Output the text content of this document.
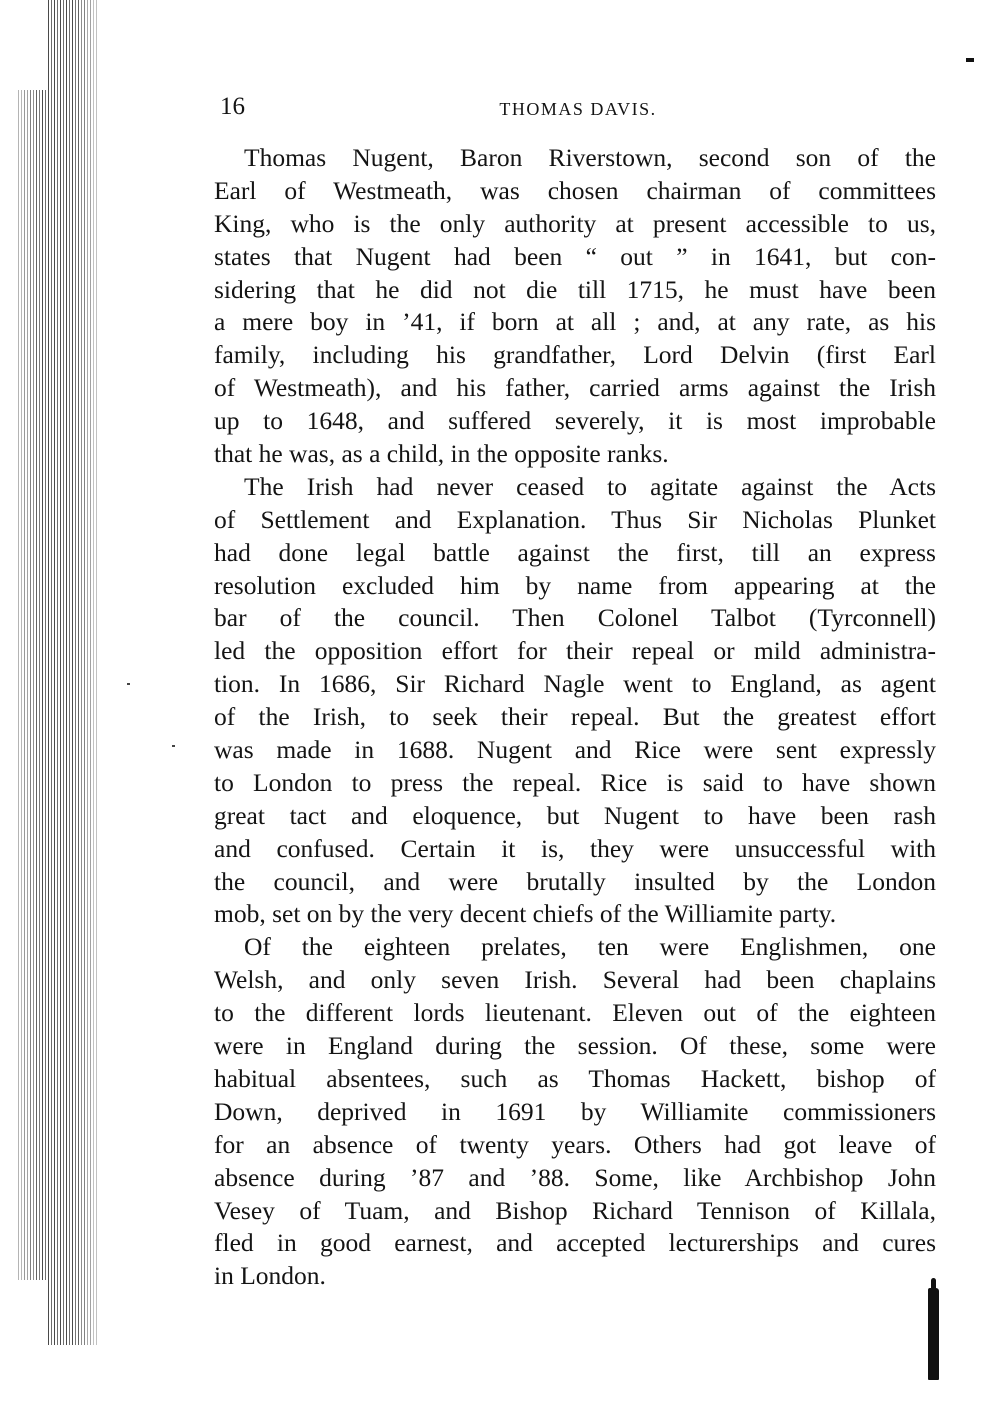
16	THOMAS DAVIS.

Thomas Nugent, Baron Riverstown, second son of the
Earl of Westmeath, was chosen chairman of committees
King, who is the only authority at present accessible to us,
states that Nugent had been “ out ” in 1641, but con-
sidering that he did not die till 1715, he must have been
a mere boy in ’41, if born at all ; and, at any rate, as his
family, including his grandfather, Lord Delvin (first Earl
of Westmeath), and his father, carried arms against the Irish
up to 1648, and suffered severely, it is most improbable
that he was, as a child, in the opposite ranks.

The Irish had never ceased to agitate against the Acts
of Settlement and Explanation. Thus Sir Nicholas Plunket
had done legal battle against the first, till an express
resolution excluded him by name from appearing at the
bar of the council. Then Colonel Talbot (Tyrconnell)
led the opposition effort for their repeal or mild administra-
tion. In 1686, Sir Richard Nagle went to England, as agent
of the Irish, to seek their repeal. But the greatest effort
was made in 1688. Nugent and Rice were sent expressly
to London to press the repeal. Rice is said to have shown
great tact and eloquence, but Nugent to have been rash
and confused. Certain it is, they were unsuccessful with
the council, and were brutally insulted by the London
mob, set on by the very decent chiefs of the Williamite party.

Of the eighteen prelates, ten were Englishmen, one
Welsh, and only seven Irish. Several had been chaplains
to the different lords lieutenant. Eleven out of the eighteen
were in England during the session. Of these, some were
habitual absentees, such as Thomas Hackett, bishop of
Down, deprived in 1691 by Williamite commissioners
for an absence of twenty years. Others had got leave of
absence during ’87 and ’88. Some, like Archbishop John
Vesey of Tuam, and Bishop Richard Tennison of Killala,
fled in good earnest, and accepted lecturerships and cures
in London.
